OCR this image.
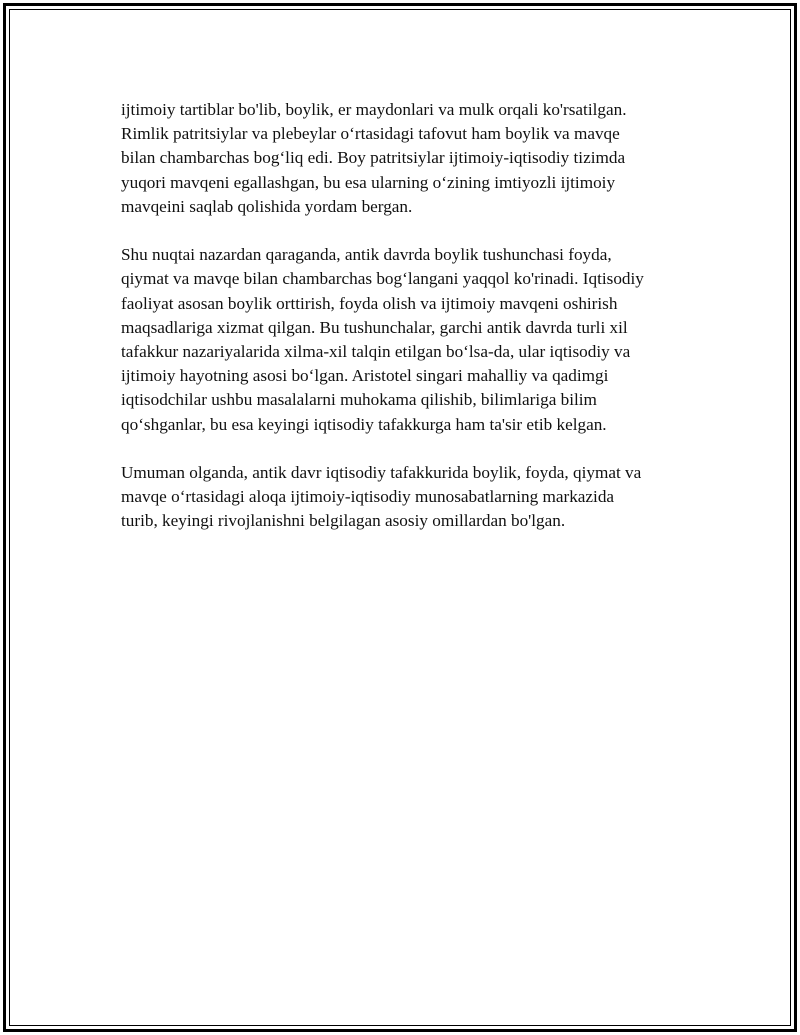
ijtimoiy tartiblar bo'lib, boylik, er maydonlari va mulk orqali ko'rsatilgan.
Rimlik patritsiylar va plebeylar o‘rtasidagi tafovut ham boylik va mavqe
bilan chambarchas bog‘liq edi. Boy patritsiylar ijtimoiy-iqtisodiy tizimda
yuqori mavqeni egallashgan, bu esa ularning o‘zining imtiyozli ijtimoiy
mavqeini saqlab qolishida yordam bergan.

Shu nuqtai nazardan qaraganda, antik davrda boylik tushunchasi foyda,
qiymat va mavqe bilan chambarchas bog‘langani yaqqol ko'rinadi. Iqtisodiy
faoliyat asosan boylik orttirish, foyda olish va ijtimoiy mavqeni oshirish
maqsadlariga xizmat qilgan. Bu tushunchalar, garchi antik davrda turli xil
tafakkur nazariyalarida xilma-xil talqin etilgan bo‘lsa-da, ular iqtisodiy va
ijtimoiy hayotning asosi bo‘lgan. Aristotel singari mahalliy va qadimgi
iqtisodchilar ushbu masalalarni muhokama qilishib, bilimlariga bilim
qo‘shganlar, bu esa keyingi iqtisodiy tafakkurga ham ta'sir etib kelgan.

Umuman olganda, antik davr iqtisodiy tafakkurida boylik, foyda, qiymat va
mavqe o‘rtasidagi aloqa ijtimoiy-iqtisodiy munosabatlarning markazida
turib, keyingi rivojlanishni belgilagan asosiy omillardan bo'lgan.
